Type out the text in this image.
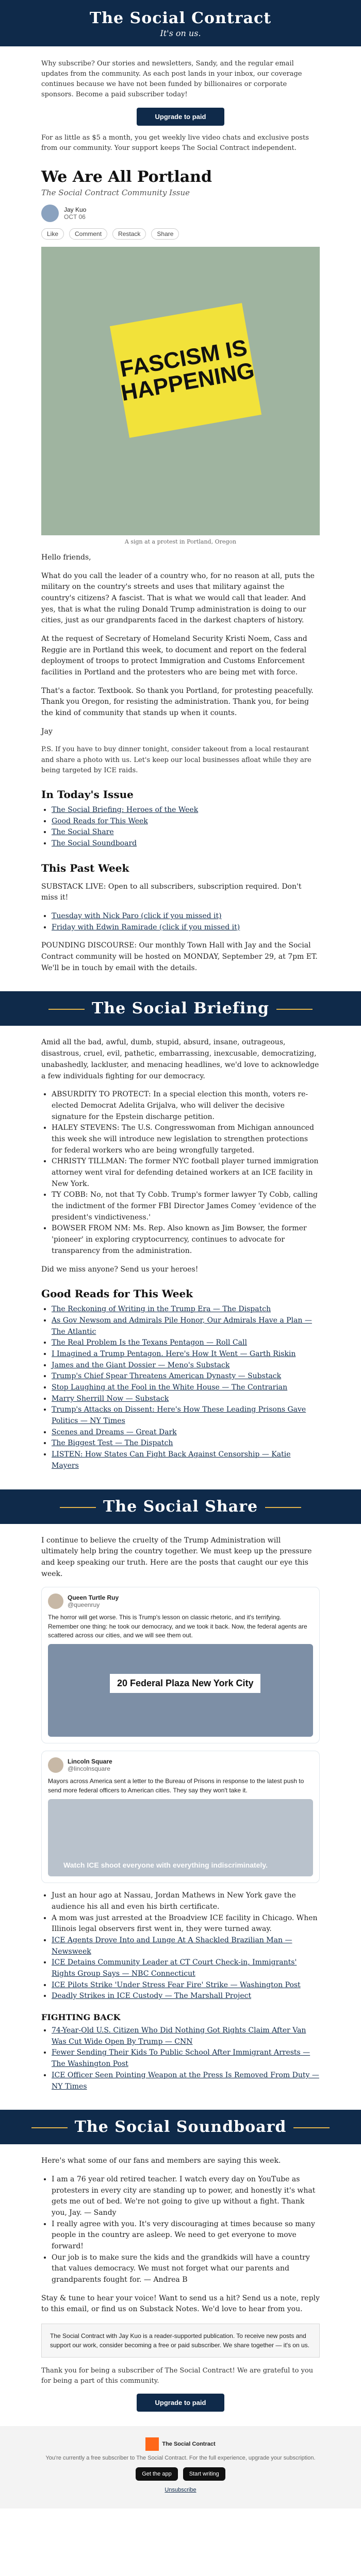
The Social Contract
It's on us.

Why subscribe? Our stories and newsletters, Sandy, and the regular email updates from the community. As each post lands in your inbox, our coverage continues because we have not been funded by billionaires or corporate sponsors. Become a paid subscriber today!

Upgrade to paid

For as little as $5 a month, you get weekly live video chats and exclusive posts from our community. Your support keeps The Social Contract independent.

We Are All Portland
The Social Contract Community Issue
Jay Kuo
OCT 06
Like	Comment	Restack	Share
FASCISM IS HAPPENING
A sign at a protest in Portland, Oregon

Hello friends,

What do you call the leader of a country who, for no reason at all, puts the military on the country's streets and uses that military against the country's citizens? A fascist. That is what we would call that leader. And yes, that is what the ruling Donald Trump administration is doing to our cities, just as our grandparents faced in the darkest chapters of history.

At the request of Secretary of Homeland Security Kristi Noem, Cass and Reggie are in Portland this week, to document and report on the federal deployment of troops to protect Immigration and Customs Enforcement facilities in Portland and the protesters who are being met with force.

That's a factor. Textbook. So thank you Portland, for protesting peacefully. Thank you Oregon, for resisting the administration. Thank you, for being the kind of community that stands up when it counts.

Jay

P.S. If you have to buy dinner tonight, consider takeout from a local restaurant and share a photo with us. Let's keep our local businesses afloat while they are being targeted by ICE raids.

In Today's Issue
• The Social Briefing: Heroes of the Week
• Good Reads for This Week
• The Social Share
• The Social Soundboard
This Past Week

SUBSTACK LIVE: Open to all subscribers, subscription required. Don't miss it!

• Tuesday with Nick Paro (click if you missed it)
• Friday with Edwin Ramirade (click if you missed it)

POUNDING DISCOURSE: Our monthly Town Hall with Jay and the Social Contract community will be hosted on MONDAY, September 29, at 7pm ET. We'll be in touch by email with the details.

The Social Briefing

Amid all the bad, awful, dumb, stupid, absurd, insane, outrageous, disastrous, cruel, evil, pathetic, embarrassing, inexcusable, democratizing, unabashedly, lackluster, and menacing headlines, we'd love to acknowledge a few individuals fighting for our democracy.

• ABSURDITY TO PROTECT: In a special election this month, voters re-elected Democrat Adelita Grijalva, who will deliver the decisive signature for the Epstein discharge petition.
• HALEY STEVENS: The U.S. Congresswoman from Michigan announced this week she will introduce new legislation to strengthen protections for federal workers who are being wrongfully targeted.
• CHRISTY TILLMAN: The former NYC football player turned immigration attorney went viral for defending detained workers at an ICE facility in New York.
• TY COBB: No, not that Ty Cobb. Trump's former lawyer Ty Cobb, calling the indictment of the former FBI Director James Comey 'evidence of the president's vindictiveness.'
• BOWSER FROM NM: Ms. Rep. Also known as Jim Bowser, the former 'pioneer' in exploring cryptocurrency, continues to advocate for transparency from the administration.

Did we miss anyone? Send us your heroes!

Good Reads for This Week
• The Reckoning of Writing in the Trump Era — The Dispatch
• As Gov Newsom and Admirals Pile Honor, Our Admirals Have a Plan — The Atlantic
• The Real Problem Is the Texans Pentagon — Roll Call
• I Imagined a Trump Pentagon. Here's How It Went — Garth Riskin
• James and the Giant Dossier — Meno's Substack
• Trump's Chief Spear Threatens American Dynasty — Substack
• Stop Laughing at the Fool in the White House — The Contrarian
• Marry Sherrill Now — Substack
• Trump's Attacks on Dissent: Here's How These Leading Prisons Gave Politics — NY Times
• Scenes and Dreams — Great Dark
• The Biggest Test — The Dispatch
• LISTEN: How States Can Fight Back Against Censorship — Katie Mayers
The Social Share

I continue to believe the cruelty of the Trump Administration will ultimately help bring the country together. We must keep up the pressure and keep speaking our truth. Here are the posts that caught our eye this week.

Queen Turtle Ruy
@queenruy
The horror will get worse. This is Trump's lesson on classic rhetoric, and it's terrifying. Remember one thing: he took our democracy, and we took it back. Now, the federal agents are scattered across our cities, and we will see them out.
20 Federal Plaza New York City
Lincoln Square
@lincolnsquare
Mayors across America sent a letter to the Bureau of Prisons in response to the latest push to send more federal officers to American cities. They say they won't take it.
Watch ICE shoot everyone with everything indiscriminately.
• Just an hour ago at Nassau, Jordan Mathews in New York gave the audience his all and even his birth certificate.
• A mom was just arrested at the Broadview ICE facility in Chicago. When Illinois legal observers first went in, they were turned away.
• ICE Agents Drove Into and Lunge At A Shackled Brazilian Man — Newsweek
• ICE Detains Community Leader at CT Court Check-in, Immigrants' Rights Group Says — NBC Connecticut
• ICE Pilots Strike 'Under Stress Fear Fire' Strike — Washington Post
• Deadly Strikes in ICE Custody — The Marshall Project
FIGHTING BACK
• 74-Year-Old U.S. Citizen Who Did Nothing Got Rights Claim After Van Was Cut Wide Open By Trump — CNN
• Fewer Sending Their Kids To Public School After Immigrant Arrests — The Washington Post
• ICE Officer Seen Pointing Weapon at the Press Is Removed From Duty — NY Times
The Social Soundboard

Here's what some of our fans and members are saying this week.

• I am a 76 year old retired teacher. I watch every day on YouTube as protesters in every city are standing up to power, and honestly it's what gets me out of bed. We're not going to give up without a fight. Thank you, Jay. — Sandy
• I really agree with you. It's very discouraging at times because so many people in the country are asleep. We need to get everyone to move forward!
• Our job is to make sure the kids and the grandkids will have a country that values democracy. We must not forget what our parents and grandparents fought for. — Andrea B

Stay & tune to hear your voice! Want to send us a hit? Send us a note, reply to this email, or find us on Substack Notes. We'd love to hear from you.

The Social Contract with Jay Kuo is a reader-supported publication. To receive new posts and support our work, consider becoming a free or paid subscriber. We share together — it's on us.

Thank you for being a subscriber of The Social Contract! We are grateful to you for being a part of this community.

Upgrade to paid
The Social Contract
You're currently a free subscriber to The Social Contract. For the full experience, upgrade your subscription.
Get the app	Start writing
Unsubscribe
